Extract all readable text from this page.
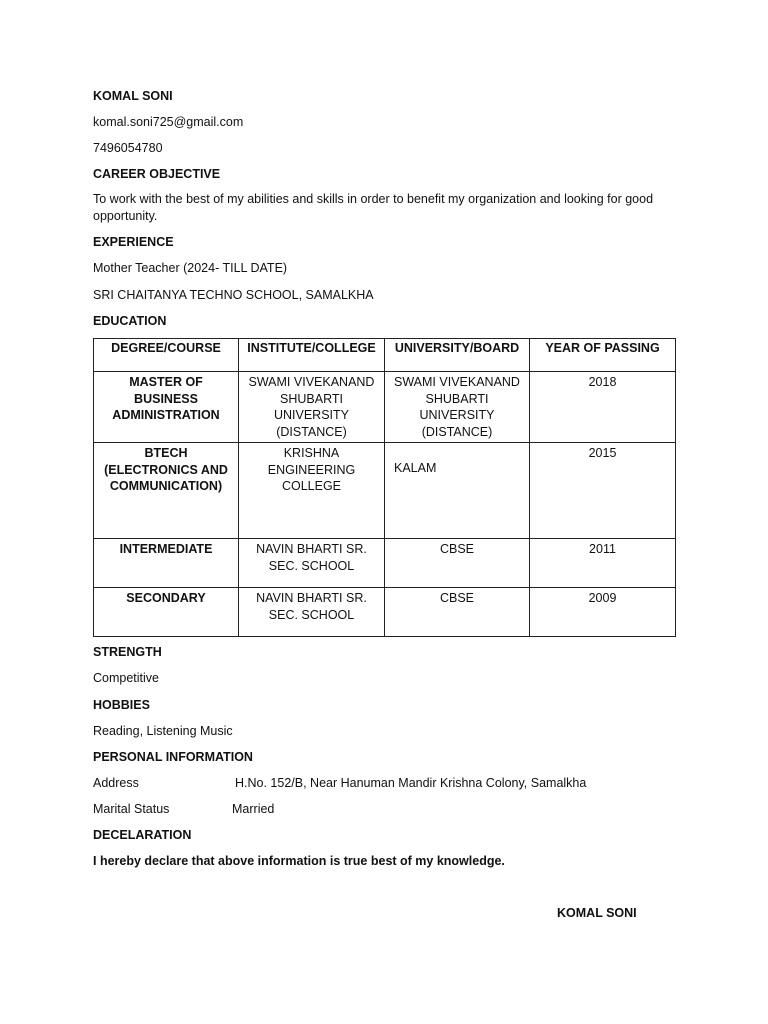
KOMAL SONI
komal.soni725@gmail.com
7496054780
CAREER OBJECTIVE
To work with the best of my abilities and skills in order to benefit my organization and looking for good opportunity.
EXPERIENCE
Mother Teacher (2024- TILL DATE)
SRI CHAITANYA TECHNO SCHOOL, SAMALKHA
EDUCATION
STRENGTH
Competitive
HOBBIES
Reading, Listening Music
PERSONAL INFORMATION
Address	H.No. 152/B, Near Hanuman Mandir Krishna Colony, Samalkha
Marital Status	Married
DECELARATION
I hereby declare that above information is true best of my knowledge.
DEGREE/COURSE	INSTITUTE/COLLEGE	UNIVERSITY/BOARD	YEAR OF PASSING
MASTER OF BUSINESS ADMINISTRATION	SWAMI VIVEKANAND SHUBARTI UNIVERSITY (DISTANCE)	SWAMI VIVEKANAND SHUBARTI UNIVERSITY (DISTANCE)	2018
BTECH (ELECTRONICS AND COMMUNICATION)	KRISHNA ENGINEERING COLLEGE	KALAM	2015
INTERMEDIATE	NAVIN BHARTI SR. SEC. SCHOOL	CBSE	2011
SECONDARY	NAVIN BHARTI SR. SEC. SCHOOL	CBSE	2009
KOMAL SONI
